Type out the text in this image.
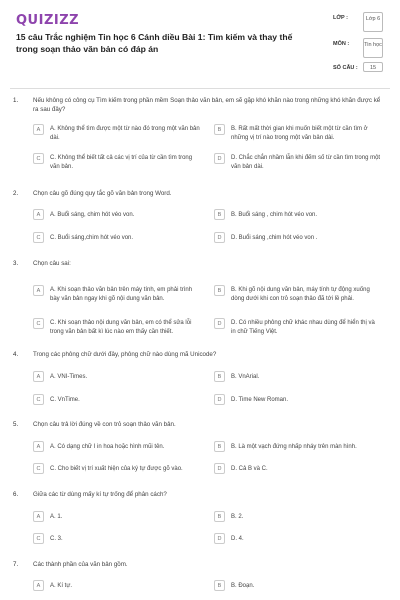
QUIZIZZ
15 câu Trắc nghiệm Tin học 6 Cánh diều Bài 1: Tìm kiếm và thay thế trong soạn thảo văn bản có đáp án
LỚP :	Lớp 6
MÔN :	Tin học
SỐ CÂU :	15
1. Nếu không có công cụ Tìm kiếm trong phần mềm Soạn thảo văn bản, em sẽ gặp khó khăn nào trong những khó khăn được kể ra sau đây?
A	A. Không thể tìm được một từ nào đó trong một văn bản dài.
B	B. Rất mất thời gian khi muốn biết một từ cần tìm ở những vị trí nào trong một văn bản dài.
C	C. Không thể biết tất cả các vị trí của từ cần tìm trong văn bản.
D	D. Chắc chắn nhầm lẫn khi đếm số từ cần tìm trong một văn bản dài.
2. Chọn câu gõ đúng quy tắc gõ văn bản trong Word.
A	A. Buổi sáng, chim hót véo von.	B	B. Buổi sáng , chim hót véo von.
C	C. Buổi sáng,chim hót véo von.	D	D. Buổi sáng ,chim hót véo von .
3. Chọn câu sai:
A	A. Khi soạn thảo văn bản trên máy tính, em phải trình bày văn bản ngay khi gõ nội dung văn bản.
B	B. Khi gõ nội dung văn bản, máy tính tự động xuống dòng dưới khi con trỏ soạn thảo đã tới lề phải.
C	C. Khi soạn thảo nội dung văn bản, em có thể sửa lỗi trong văn bản bất kì lúc nào em thấy cần thiết.
D	D. Có nhiều phông chữ khác nhau dùng để hiển thị và in chữ Tiếng Việt.
4. Trong các phông chữ dưới đây, phông chữ nào dùng mã Unicode?
A	A. VNI-Times.	B	B. VnArial.
C	C. VnTime.	D	D. Time New Roman.
5. Chọn câu trả lời đúng về con trỏ soạn thảo văn bản.
A	A. Có dạng chữ I in hoa hoặc hình mũi tên.	B	B. Là một vạch đứng nhấp nháy trên màn hình.
C	C. Cho biết vị trí xuất hiện của ký tự được gõ vào.	D	D. Cả B và C.
6. Giữa các từ dùng mấy kí tự trống để phân cách?
A	A. 1.	B	B. 2.
C	C. 3.	D	D. 4.
7. Các thành phần của văn bản gồm.
A	A. Kí tự.	B	B. Đoạn.
